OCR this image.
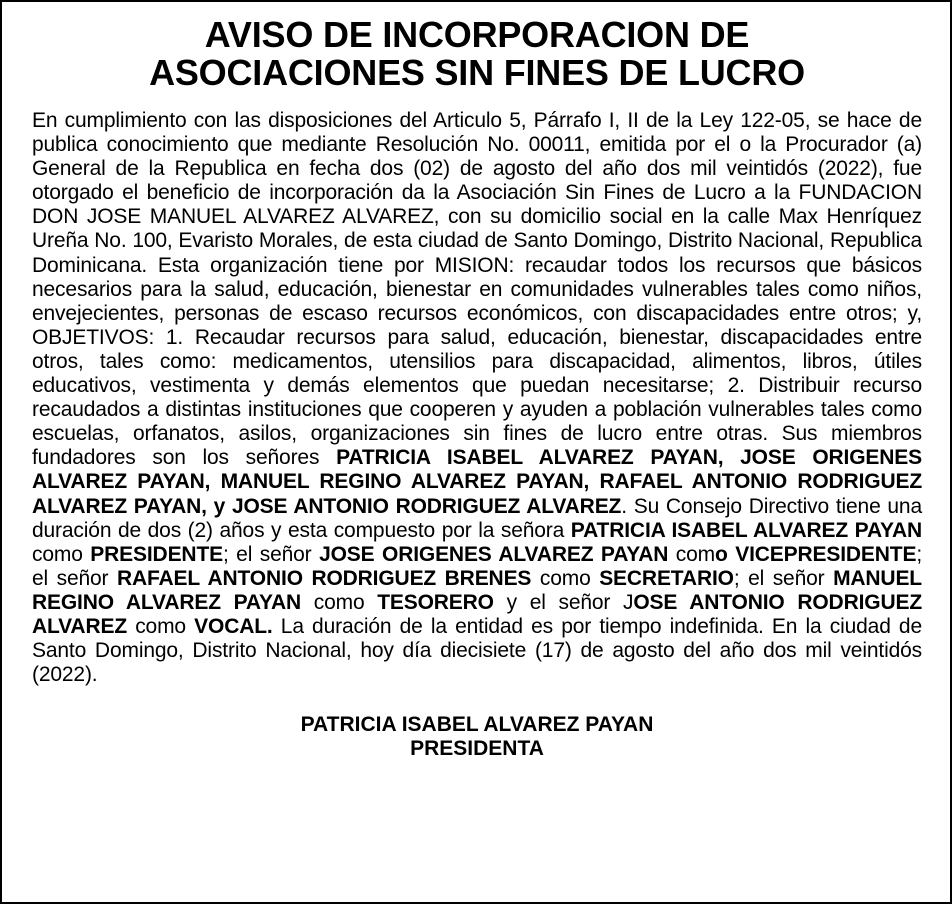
AVISO DE INCORPORACION DE
ASOCIACIONES SIN FINES DE LUCRO

En cumplimiento con las disposiciones del Articulo 5, Párrafo I, II de la Ley 122-05, se hace de publica conocimiento que mediante Resolución No. 00011, emitida por el o la Procurador (a) General de la Republica en fecha dos (02) de agosto del año dos mil veintidós (2022), fue otorgado el beneficio de incorporación da la Asociación Sin Fines de Lucro a la FUNDACION DON JOSE MANUEL ALVAREZ ALVAREZ, con su domicilio social en la calle Max Henríquez Ureña No. 100, Evaristo Morales, de esta ciudad de Santo Domingo, Distrito Nacional, Republica Dominicana. Esta organización tiene por MISION: recaudar todos los recursos que básicos necesarios para la salud, educación, bienestar en comunidades vulnerables tales como niños, envejecientes, personas de escaso recursos económicos, con discapacidades entre otros; y, OBJETIVOS: 1. Recaudar recursos para salud, educación, bienestar, discapacidades entre otros, tales como: medicamentos, utensilios para discapacidad, alimentos, libros, útiles educativos, vestimenta y demás elementos que puedan necesitarse; 2. Distribuir recurso recaudados a distintas instituciones que cooperen y ayuden a población vulnerables tales como escuelas, orfanatos, asilos, organizaciones sin fines de lucro entre otras. Sus miembros fundadores son los señores PATRICIA ISABEL ALVAREZ PAYAN, JOSE ORIGENES ALVAREZ PAYAN, MANUEL REGINO ALVAREZ PAYAN, RAFAEL ANTONIO RODRIGUEZ ALVAREZ PAYAN, y JOSE ANTONIO RODRIGUEZ ALVAREZ. Su Consejo Directivo tiene una duración de dos (2) años y esta compuesto por la señora PATRICIA ISABEL ALVAREZ PAYAN como PRESIDENTE; el señor JOSE ORIGENES ALVAREZ PAYAN como VICEPRESIDENTE; el señor RAFAEL ANTONIO RODRIGUEZ BRENES como SECRETARIO; el señor MANUEL REGINO ALVAREZ PAYAN como TESORERO y el señor JOSE ANTONIO RODRIGUEZ ALVAREZ como VOCAL. La duración de la entidad es por tiempo indefinida. En la ciudad de Santo Domingo, Distrito Nacional, hoy día diecisiete (17) de agosto del año dos mil veintidós (2022).

PATRICIA ISABEL ALVAREZ PAYAN
PRESIDENTA
